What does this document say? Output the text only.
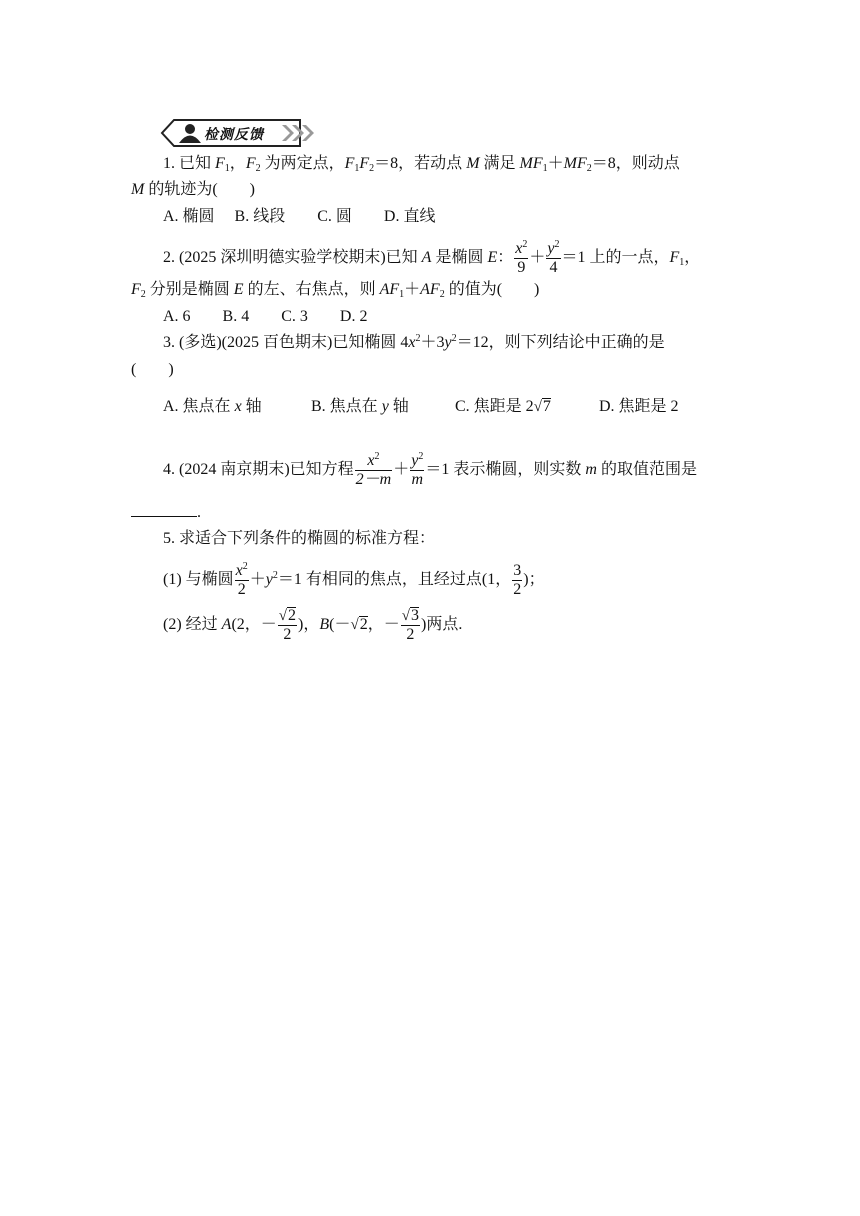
检测反馈
1. 已知 $F_1$，$F_2$ 为两定点，$F_1F_2=8$，若动点 M 满足 $MF_1+MF_2=8$，则动点
M 的轨迹为(　　)
A. 椭圆　 B. 线段　　C. 圆　　D. 直线
2. (2025 深圳明德实验学校期末)已知 A 是椭圆 E： $\frac{x^2}{9} + \frac{y^2}{4} =1$ 上的一点，$F_1$，
$F_2$ 分别是椭圆 E 的左、右焦点，则 $AF_1+AF_2$ 的值为(　　)
A. 6　　B. 4　　C. 3　　D. 2
3. (多选)(2025 百色期末)已知椭圆 $4x^2+3y^2=12$，则下列结论中正确的是
(　　)
A. 焦点在 x 轴	B. 焦点在 y 轴	C. 焦距是 2√7	D. 焦距是 2
4. (2024 南京期末)已知方程 $\frac{x^2}{2-m} + \frac{y^2}{m} =1$ 表示椭圆，则实数 m 的取值范围是
.
5. 求适合下列条件的椭圆的标准方程：
(1) 与椭圆 $\frac{x^2}{2} +y^2=1$ 有相同的焦点，且经过点(1， $\frac{3}{2}$ )；
(2) 经过 A(2，－ $\frac{√2}{2}$ )，B(－√2，－ $\frac{√3}{2}$ )两点.
